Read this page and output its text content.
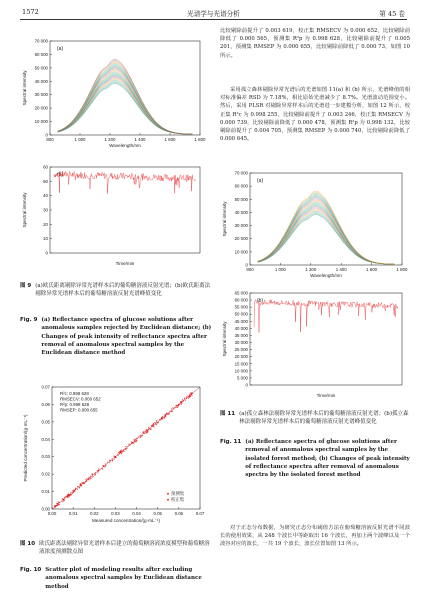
1572	光谱学与光谱分析	第 45 卷
0
10 000
20 000
30 000
40 000
50 000
60 000
70 000
800	1 000	1 200	1 400	1 600	1 800
Wavelength/nm
Spectral intensity
(a)
0
10
20
30
40
50
60
Time/min
Spectral intensity
(b)
图 9 (a)欧氏距离剔除异常光谱样本后的葡萄糖溶液反射光谱；(b)欧氏距离法剔除异常光谱样本后的葡萄糖溶液反射光谱峰值变化
Fig. 9 (a) Reflectance spectra of glucose solutions after anomalous samples rejected by Euclidean distance; (b) Changes of peak intensity of reflectance spectra after removal of anomalous spectral samples by the Euclidean distance method
0.00
0.01
0.02
0.03
0.04
0.05
0.06
0.07
0.00	0.01	0.02	0.03	0.04	0.05	0.06	0.07
Measured concentration/(g·mL⁻¹)
Predicted concentration/(g·mL⁻¹)
R²c: 0.998 628
RMSECV: 0.000 652
R²p: 0.998 628
RMSEP: 0.000 655
预测集
校正集
图 10 欧氏距离法剔除异常光谱样本后建立的葡萄糖溶液浓度模型和葡萄糖溶液浓度预测散点图
Fig. 10 Scatter plot of modeling results after excluding anomalous spectral samples by Euclidean distance method
比较剔除前提升了 0.003 619，校正集 RMSECV 为 0.000 652，比较剔除前降低了 0.000 565，预测集 R²p 为 0.998 628，比较剔除前提升了 0.005 201，预测集 RMSEP 为 0.000 655，比较剔除前降低了 0.000 73，如图 10 所示。
采用孤立森林剔除异常光谱后的光谱如图 11(a) 和 (b) 所示，光谱峰值的相对标准偏差 RSD 为 7.18%，相比原始光谱减少了 8.7%。光谱波动范围变小。然后，采用 PLSR 对剔除异常样本后的光谱进一步建模分析，如图 12 所示，校正集 R²c 为 0.998 255，比较剔除前提升了 0.003 246，校正集 RMSECV 为 0.000 739，比较剔除前降低了 0.000 478，预测集 R²p 为 0.998 132，比较剔除前提升了 0.004 705，预测集 RMSEP 为 0.000 740，比较剔除前降低了 0.000 645。
0
10 000
20 000
30 000
40 000
50 000
60 000
70 000
800	1 000	1 200	1 400	1 600	1 800
Wavelength/nm
Spectral intensity
(a)
0
5 000
10 000
15 000
20 000
25 000
30 000
35 000
40 000
45 000
50 000
55 000
60 000
65 000
Time/min
Spectral intensity
(b)
图 11 (a)孤立森林法剔除异常光谱样本后的葡萄糖溶液反射光谱；(b)孤立森林法剔除异常光谱样本后的葡萄糖溶液反射光谱峰值变化
Fig. 11 (a) Reflectance spectra of glucose solutions after removal of anomalous spectral samples by the isolated forest method; (b) Changes of peak intensity of reflectance spectra after removal of anomalous spectra by the isolated forest method
对于正态分布数据，为研究正态分布阈值方法在葡萄糖溶液反射光谱不同波长的使用效果，从 248 个波长中等距取出 16 个波长，再加上两个波峰以及一个波谷对应的波长，一共 19 个波长，波长位置如图 13 所示。
